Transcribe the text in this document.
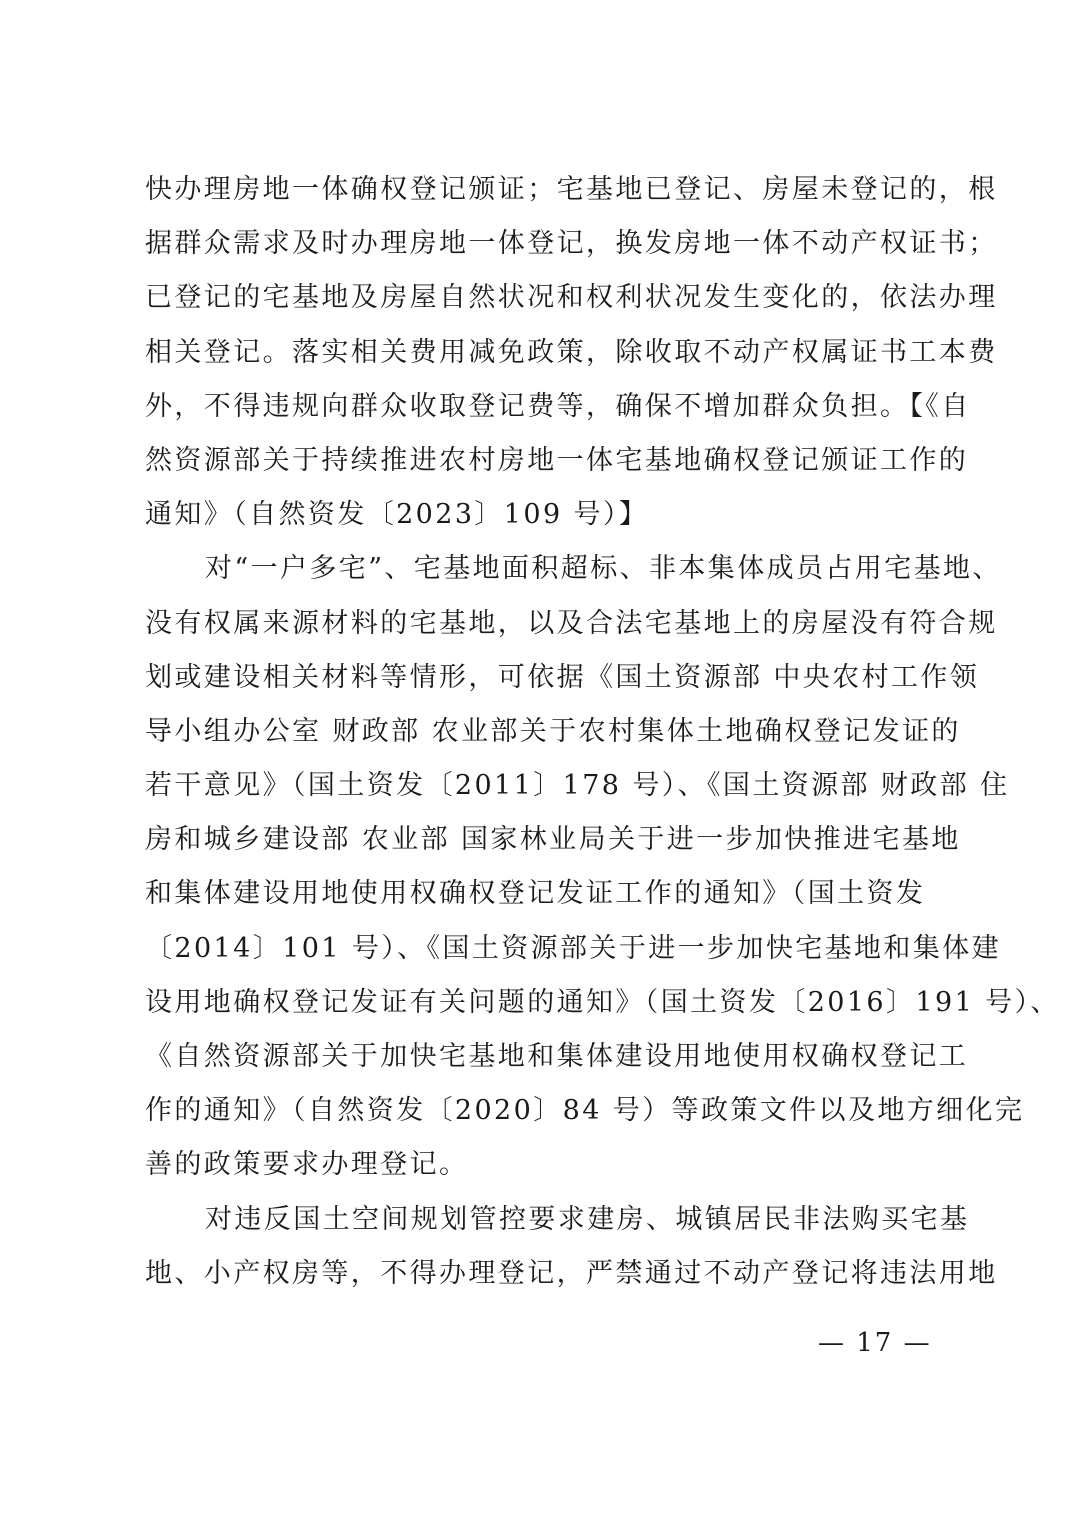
快办理房地一体确权登记颁证；宅基地已登记、房屋未登记的，根
据群众需求及时办理房地一体登记，换发房地一体不动产权证书；
已登记的宅基地及房屋自然状况和权利状况发生变化的，依法办理
相关登记。落实相关费用减免政策，除收取不动产权属证书工本费
外，不得违规向群众收取登记费等，确保不增加群众负担。【《自
然资源部关于持续推进农村房地一体宅基地确权登记颁证工作的
通知》（自然资发〔2023〕109 号）】
对“一户多宅”、宅基地面积超标、非本集体成员占用宅基地、
没有权属来源材料的宅基地，以及合法宅基地上的房屋没有符合规
划或建设相关材料等情形，可依据《国土资源部 中央农村工作领
导小组办公室 财政部 农业部关于农村集体土地确权登记发证的
若干意见》（国土资发〔2011〕178 号）、《国土资源部 财政部 住
房和城乡建设部 农业部 国家林业局关于进一步加快推进宅基地
和集体建设用地使用权确权登记发证工作的通知》（国土资发
〔2014〕101 号）、《国土资源部关于进一步加快宅基地和集体建
设用地确权登记发证有关问题的通知》（国土资发〔2016〕191 号）、
《自然资源部关于加快宅基地和集体建设用地使用权确权登记工
作的通知》（自然资发〔2020〕84 号）等政策文件以及地方细化完
善的政策要求办理登记。
对违反国土空间规划管控要求建房、城镇居民非法购买宅基
地、小产权房等，不得办理登记，严禁通过不动产登记将违法用地
— 17 —
